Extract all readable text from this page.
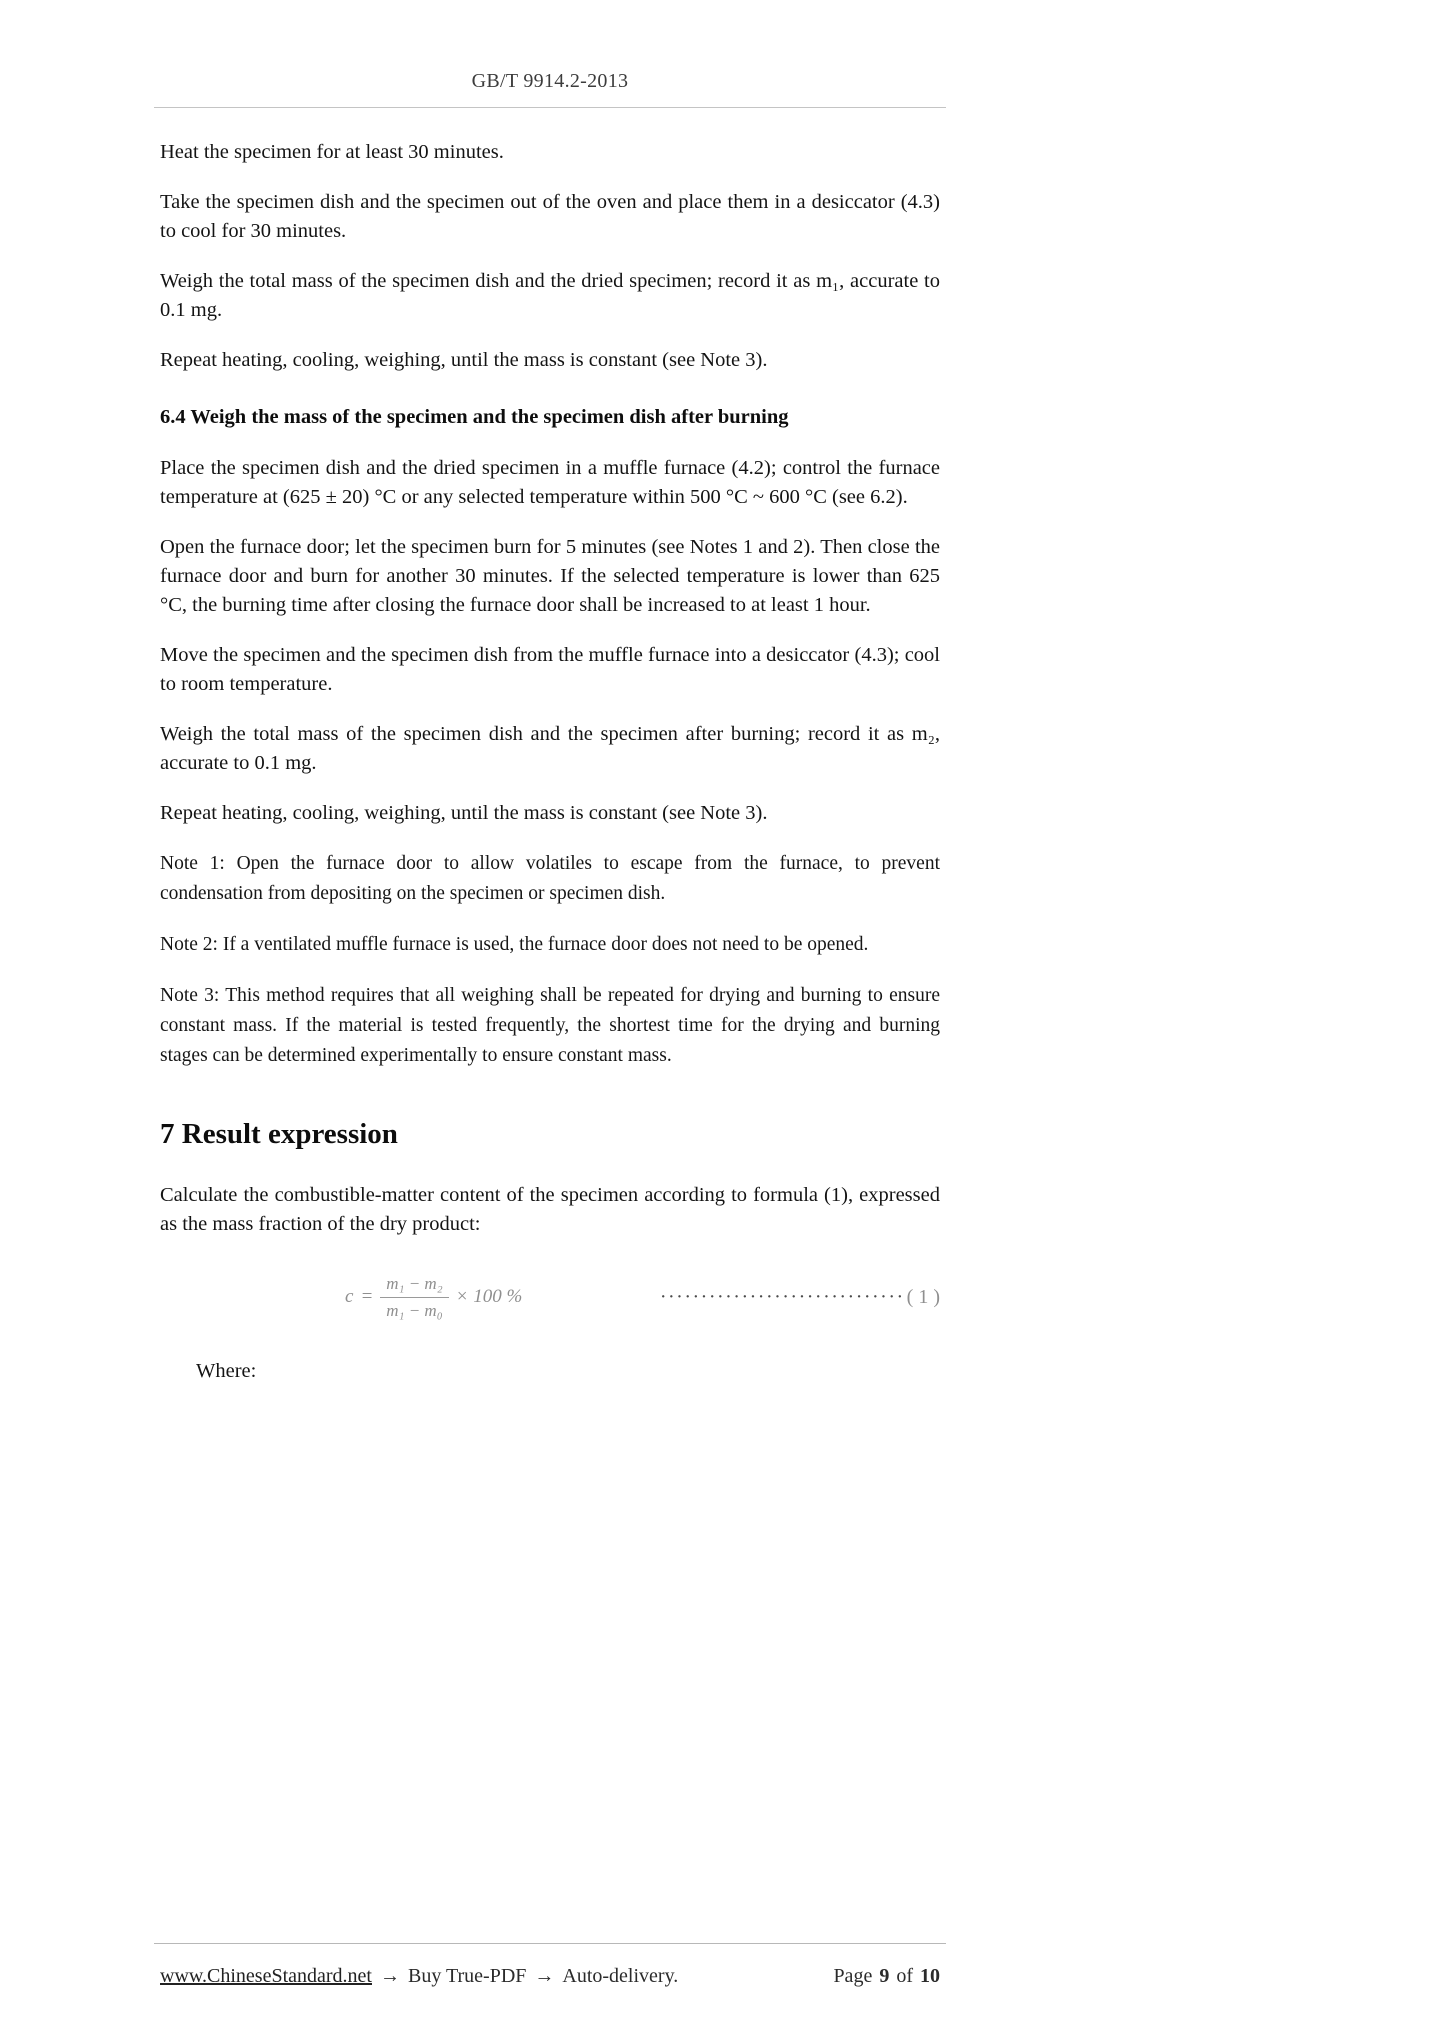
GB/T 9914.2-2013

Heat the specimen for at least 30 minutes.

Take the specimen dish and the specimen out of the oven and place them in a desiccator (4.3) to cool for 30 minutes.

Weigh the total mass of the specimen dish and the dried specimen; record it as m₁, accurate to 0.1 mg.

Repeat heating, cooling, weighing, until the mass is constant (see Note 3).

6.4 Weigh the mass of the specimen and the specimen dish after burning

Place the specimen dish and the dried specimen in a muffle furnace (4.2); control the furnace temperature at (625 ± 20) °C or any selected temperature within 500 °C ~ 600 °C (see 6.2).

Open the furnace door; let the specimen burn for 5 minutes (see Notes 1 and 2). Then close the furnace door and burn for another 30 minutes. If the selected temperature is lower than 625 °C, the burning time after closing the furnace door shall be increased to at least 1 hour.

Move the specimen and the specimen dish from the muffle furnace into a desiccator (4.3); cool to room temperature.

Weigh the total mass of the specimen dish and the specimen after burning; record it as m₂, accurate to 0.1 mg.

Repeat heating, cooling, weighing, until the mass is constant (see Note 3).

Note 1: Open the furnace door to allow volatiles to escape from the furnace, to prevent condensation from depositing on the specimen or specimen dish.

Note 2: If a ventilated muffle furnace is used, the furnace door does not need to be opened.

Note 3: This method requires that all weighing shall be repeated for drying and burning to ensure constant mass. If the material is tested frequently, the shortest time for the drying and burning stages can be determined experimentally to ensure constant mass.

7 Result expression

Calculate the combustible-matter content of the specimen according to formula (1), expressed as the mass fraction of the dry product:

$c = \frac{\text{m₁ − m₂}}{\text{m₁ − m₀}} \times 100$ %	······························ ( 1 )

Where:

www.ChineseStandard.net → Buy True-PDF → Auto-delivery.	Page 9 of 10
